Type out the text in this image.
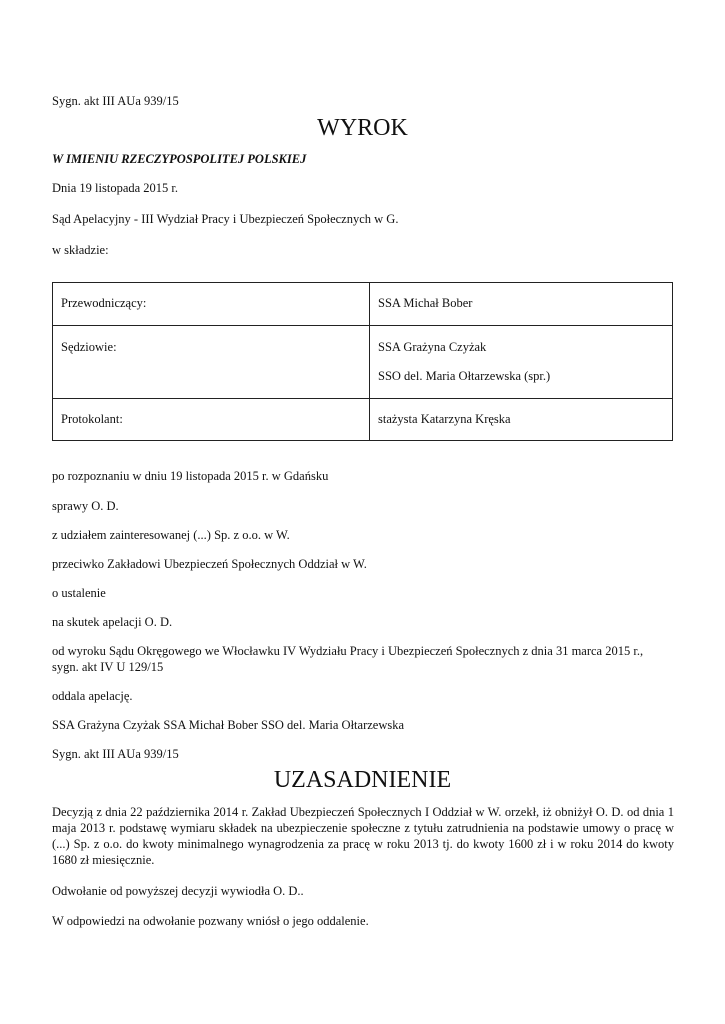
Sygn. akt III AUa 939/15

WYROK

W IMIENIU RZECZYPOSPOLITEJ POLSKIEJ

Dnia 19 listopada 2015 r.

Sąd Apelacyjny - III Wydział Pracy i Ubezpieczeń Społecznych w G.

w składzie:

Przewodniczący:	SSA Michał Bober

Sędziowie:	SSA Grażyna Czyżak
SSO del. Maria Ołtarzewska (spr.)

Protokolant:	stażysta Katarzyna Kręska

po rozpoznaniu w dniu 19 listopada 2015 r. w Gdańsku

sprawy O. D.

z udziałem zainteresowanej (...) Sp. z o.o. w W.

przeciwko Zakładowi Ubezpieczeń Społecznych Oddział w W.

o ustalenie

na skutek apelacji O. D.

od wyroku Sądu Okręgowego we Włocławku IV Wydziału Pracy i Ubezpieczeń Społecznych z dnia 31 marca 2015 r.,

sygn. akt IV U 129/15

oddala apelację.

SSA Grażyna Czyżak SSA Michał Bober SSO del. Maria Ołtarzewska

Sygn. akt III AUa 939/15

UZASADNIENIE

Decyzją z dnia 22 października 2014 r. Zakład Ubezpieczeń Społecznych I Oddział w W. orzekł, iż obniżył O. D. od dnia 1 maja 2013 r. podstawę wymiaru składek na ubezpieczenie społeczne z tytułu zatrudnienia na podstawie umowy o pracę w (...) Sp. z o.o. do kwoty minimalnego wynagrodzenia za pracę w roku 2013 tj. do kwoty 1600 zł i w roku 2014 do kwoty 1680 zł miesięcznie.

Odwołanie od powyższej decyzji wywiodła O. D..

W odpowiedzi na odwołanie pozwany wniósł o jego oddalenie.
